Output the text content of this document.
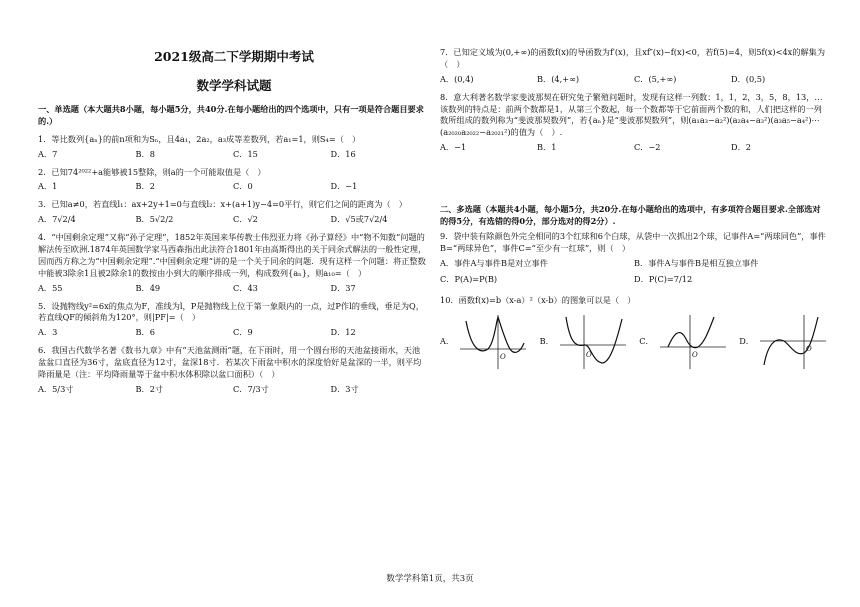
2021级高二下学期期中考试
数学学科试题

一、单选题（本大题共8小题，每小题5分，共40分.在每小题给出的四个选项中，只有一项是符合题目要求的.）

1．等比数列{aₙ}的前n项和为Sₙ，且4a₁，2a₂，a₃成等差数列，若a₁=1，则S₄=（　）

A．7	B．8	C．15	D．16

2．已知74²⁰²²+a能够被15整除，则a的一个可能取值是（　）

A．1	B．2	C．0	D．−1

3．已知a≠0，若直线l₁：ax+2y+1=0与直线l₂：x+(a+1)y−4=0平行，则它们之间的距离为（　）

A．7√2/4	B．5√2/2	C．√2	D．√5或7√2/4

4．“中国剩余定理”又称“孙子定理”，1852年英国来华传教士伟烈亚力将《孙子算经》中“物不知数”问题的解法传至欧洲.1874年英国数学家马西森指出此法符合1801年由高斯得出的关于同余式解法的一般性定理，因而西方称之为“中国剩余定理”.“中国剩余定理”讲的是一个关于同余的问题．现有这样一个问题：将正整数中能被3除余1且被2除余1的数按由小到大的顺序排成一列，构成数列{aₙ}，则a₁₀=（　）

A．55	B．49	C．43	D．37

5．设抛物线y²=6x的焦点为F，准线为l，P是抛物线上位于第一象限内的一点，过P作l的垂线，垂足为Q，若直线QF的倾斜角为120°，则|PF|=（　）

A．3	B．6	C．9	D．12

6．我国古代数学名著《数书九章》中有“天池盆测雨”题，在下雨时，用一个圆台形的天池盆接雨水，天池盆盆口直径为36寸，盆底直径为12寸，盆深18寸．若某次下雨盆中积水的深度恰好是盆深的一半，则平均降雨量是（注：平均降雨量等于盆中积水体积除以盆口面积）（　）

A．5/3寸	B．2寸	C．7/3寸	D．3寸

7．已知定义域为(0,+∞)的函数f(x)的导函数为f′(x)，且xf″(x)−f(x)<0，若f(5)=4，则5f(x)<4x的解集为（　）

A．(0,4)	B．(4,+∞)	C．(5,+∞)	D．(0,5)

8．意大利著名数学家斐波那契在研究兔子繁殖问题时，发现有这样一列数：1，1，2，3，5，8，13，…该数列的特点是：前两个数都是1，从第三个数起，每一个数都等于它前面两个数的和，人们把这样的一列数所组成的数列称为“斐波那契数列”，若{aₙ}是“斐波那契数列”，则(a₁a₃−a₂²)(a₂a₄−a₃²)(a₃a₅−a₄²)⋯(a₂₀₂₀a₂₀₂₂−a₂₀₂₁²)的值为（　）.

A．−1	B．1	C．−2	D．2

二、多选题（本题共4小题，每小题5分，共20分.在每小题给出的选项中，有多项符合题目要求.全部选对的得5分，有选错的得0分，部分选对的得2分）.

9．袋中装有除颜色外完全相同的3个红球和6个白球，从袋中一次抓出2个球，记事件A=“两球同色”，事件B=“两球异色”，事件C=“至少有一红球”，则（　）

A．事件A与事件B是对立事件	B．事件A与事件B是相互独立事件
C．P(A)=P(B)	D．P(C)=7/12

10．函数f(x)=b（x-a）²（x-b）的图象可以是（　）

A．
O
B．
O
C．
O
D．
O
数学学科第1页，共3页
